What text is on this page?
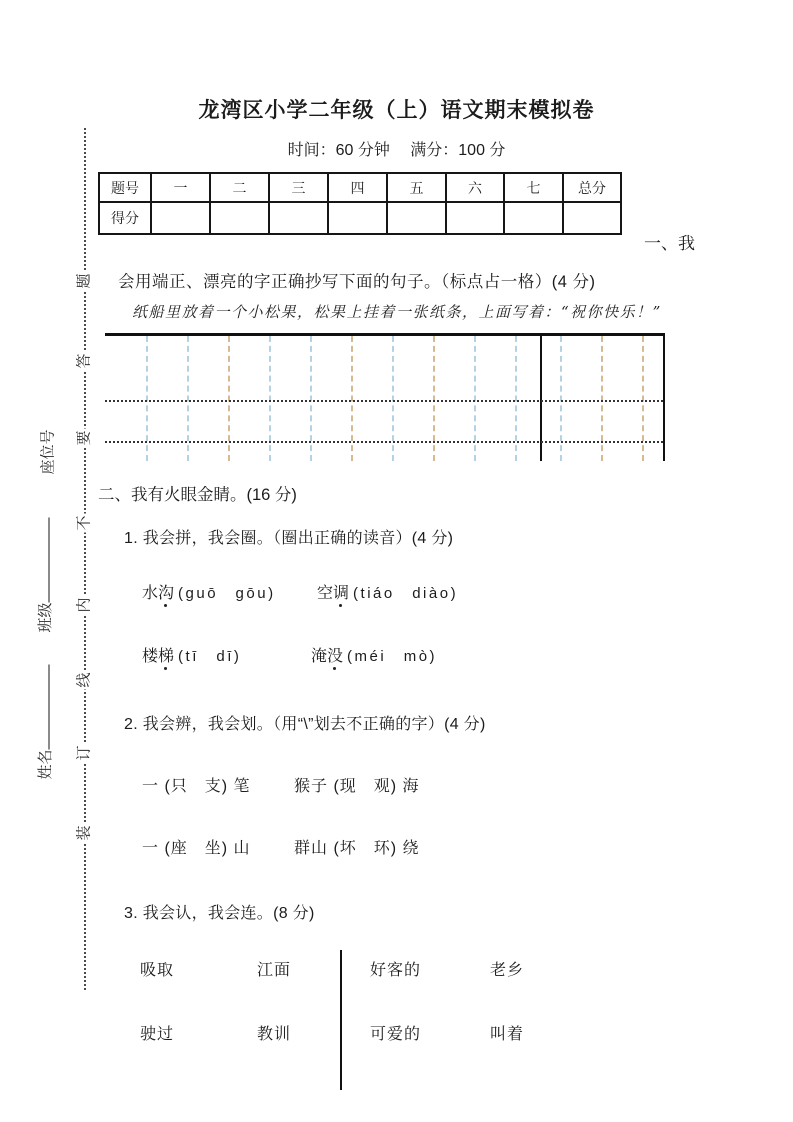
龙湾区小学二年级（上）语文期末模拟卷
时间：60 分钟　 满分：100 分
题号	一	二	三	四	五	六	七	总分
得分								
题
答
要
不
内
线
订
装
座位号
班级
姓名
一、我
会用端正、漂亮的字正确抄写下面的句子。（标点占一格）(4 分)
纸船里放着一个小松果，松果上挂着一张纸条，上面写着：“祝你快乐！”
二、我有火眼金睛。(16 分)
1. 我会拼，我会圈。（圈出正确的读音）(4 分)
水沟 (guō　gōu)	空调 (tiáo　diào)
楼梯 (tī　dī)	淹没 (méi　mò)
2. 我会辨，我会划。（用“\”划去不正确的字）(4 分)
一 (只　支) 笔	猴子 (现　观) 海
一 (座　坐) 山	群山 (坏　环) 绕
3. 我会认，我会连。(8 分)
吸取	江面	好客的	老乡
驶过	教训	可爱的	叫着
